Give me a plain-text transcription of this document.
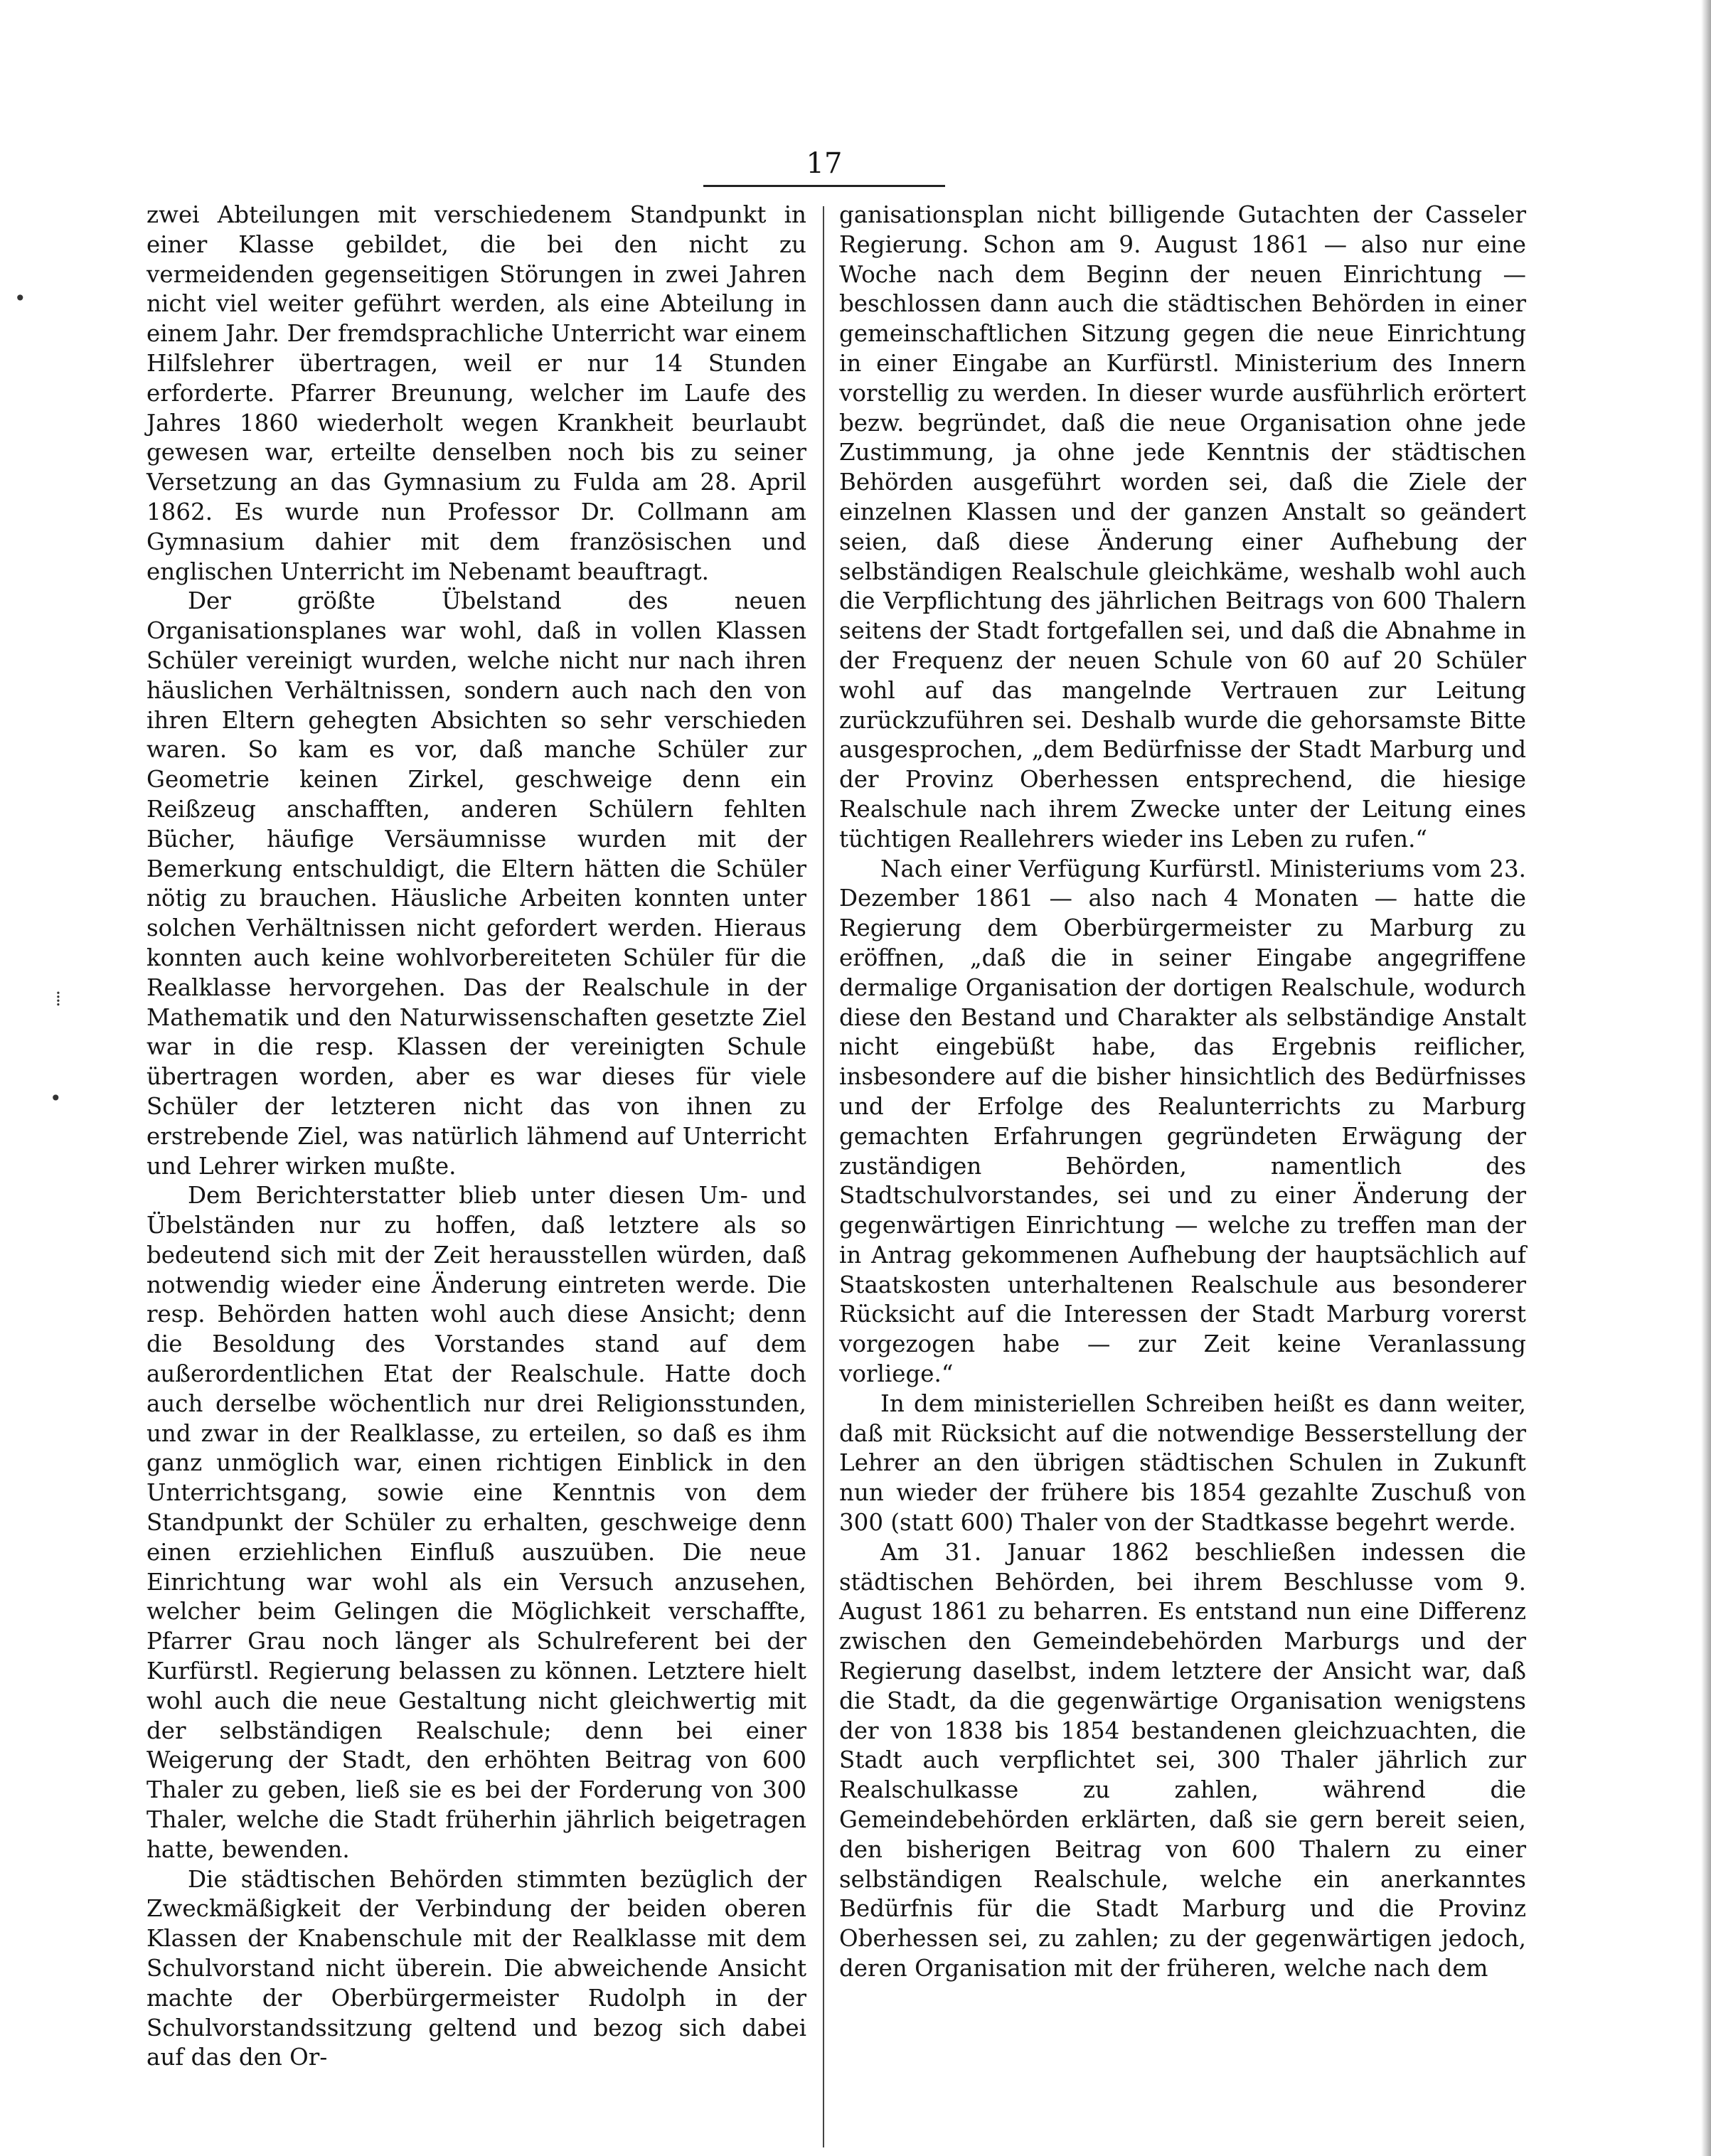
17
•
⁞
•

zwei Abteilungen mit verschiedenem Standpunkt in einer Klasse gebildet, die bei den nicht zu vermeidenden gegenseitigen Störungen in zwei Jahren nicht viel weiter geführt werden, als eine Abteilung in einem Jahr. Der fremdsprachliche Unterricht war einem Hilfslehrer übertragen, weil er nur 14 Stunden erforderte. Pfarrer Breunung, welcher im Laufe des Jahres 1860 wiederholt wegen Krankheit beurlaubt gewesen war, erteilte denselben noch bis zu seiner Versetzung an das Gymnasium zu Fulda am 28. April 1862. Es wurde nun Professor Dr. Collmann am Gymnasium dahier mit dem französischen und englischen Unterricht im Nebenamt beauftragt.

Der größte Übelstand des neuen Organisationsplanes war wohl, daß in vollen Klassen Schüler vereinigt wurden, welche nicht nur nach ihren häuslichen Verhältnissen, sondern auch nach den von ihren Eltern gehegten Absichten so sehr verschieden waren. So kam es vor, daß manche Schüler zur Geometrie keinen Zirkel, geschweige denn ein Reißzeug anschafften, anderen Schülern fehlten Bücher, häufige Versäumnisse wurden mit der Bemerkung entschuldigt, die Eltern hätten die Schüler nötig zu brauchen. Häusliche Arbeiten konnten unter solchen Verhältnissen nicht gefordert werden. Hieraus konnten auch keine wohlvorbereiteten Schüler für die Realklasse hervorgehen. Das der Realschule in der Mathematik und den Naturwissenschaften gesetzte Ziel war in die resp. Klassen der vereinigten Schule übertragen worden, aber es war dieses für viele Schüler der letzteren nicht das von ihnen zu erstrebende Ziel, was natürlich lähmend auf Unterricht und Lehrer wirken mußte.

Dem Berichterstatter blieb unter diesen Um- und Übelständen nur zu hoffen, daß letztere als so bedeutend sich mit der Zeit herausstellen würden, daß notwendig wieder eine Änderung eintreten werde. Die resp. Behörden hatten wohl auch diese Ansicht; denn die Besoldung des Vorstandes stand auf dem außerordentlichen Etat der Realschule. Hatte doch auch derselbe wöchentlich nur drei Religionsstunden, und zwar in der Realklasse, zu erteilen, so daß es ihm ganz unmöglich war, einen richtigen Einblick in den Unterrichtsgang, sowie eine Kenntnis von dem Standpunkt der Schüler zu erhalten, geschweige denn einen erziehlichen Einfluß auszuüben. Die neue Einrichtung war wohl als ein Versuch anzusehen, welcher beim Gelingen die Möglichkeit verschaffte, Pfarrer Grau noch länger als Schulreferent bei der Kurfürstl. Regierung belassen zu können. Letztere hielt wohl auch die neue Gestaltung nicht gleichwertig mit der selbständigen Realschule; denn bei einer Weigerung der Stadt, den erhöhten Beitrag von 600 Thaler zu geben, ließ sie es bei der Forderung von 300 Thaler, welche die Stadt früherhin jährlich beigetragen hatte, bewenden.

Die städtischen Behörden stimmten bezüglich der Zweckmäßigkeit der Verbindung der beiden oberen Klassen der Knabenschule mit der Realklasse mit dem Schulvorstand nicht überein. Die abweichende Ansicht machte der Oberbürgermeister Rudolph in der Schulvorstandssitzung geltend und bezog sich dabei auf das den Or-

ganisationsplan nicht billigende Gutachten der Casseler Regierung. Schon am 9. August 1861 — also nur eine Woche nach dem Beginn der neuen Einrichtung — beschlossen dann auch die städtischen Behörden in einer gemeinschaftlichen Sitzung gegen die neue Einrichtung in einer Eingabe an Kurfürstl. Ministerium des Innern vorstellig zu werden. In dieser wurde ausführlich erörtert bezw. begründet, daß die neue Organisation ohne jede Zustimmung, ja ohne jede Kenntnis der städtischen Behörden ausgeführt worden sei, daß die Ziele der einzelnen Klassen und der ganzen Anstalt so geändert seien, daß diese Änderung einer Aufhebung der selbständigen Realschule gleichkäme, weshalb wohl auch die Verpflichtung des jährlichen Beitrags von 600 Thalern seitens der Stadt fortgefallen sei, und daß die Abnahme in der Frequenz der neuen Schule von 60 auf 20 Schüler wohl auf das mangelnde Vertrauen zur Leitung zurückzuführen sei. Deshalb wurde die gehorsamste Bitte ausgesprochen, „dem Bedürfnisse der Stadt Marburg und der Provinz Oberhessen entsprechend, die hiesige Realschule nach ihrem Zwecke unter der Leitung eines tüchtigen Reallehrers wieder ins Leben zu rufen.“

Nach einer Verfügung Kurfürstl. Ministeriums vom 23. Dezember 1861 — also nach 4 Monaten — hatte die Regierung dem Oberbürgermeister zu Marburg zu eröffnen, „daß die in seiner Eingabe angegriffene dermalige Organisation der dortigen Realschule, wodurch diese den Bestand und Charakter als selbständige Anstalt nicht eingebüßt habe, das Ergebnis reiflicher, insbesondere auf die bisher hinsichtlich des Bedürfnisses und der Erfolge des Realunterrichts zu Marburg gemachten Erfahrungen gegründeten Erwägung der zuständigen Behörden, namentlich des Stadtschulvorstandes, sei und zu einer Änderung der gegenwärtigen Einrichtung — welche zu treffen man der in Antrag gekommenen Aufhebung der hauptsächlich auf Staatskosten unterhaltenen Realschule aus besonderer Rücksicht auf die Interessen der Stadt Marburg vorerst vorgezogen habe — zur Zeit keine Veranlassung vorliege.“

In dem ministeriellen Schreiben heißt es dann weiter, daß mit Rücksicht auf die notwendige Besserstellung der Lehrer an den übrigen städtischen Schulen in Zukunft nun wieder der frühere bis 1854 gezahlte Zuschuß von 300 (statt 600) Thaler von der Stadtkasse begehrt werde.

Am 31. Januar 1862 beschließen indessen die städtischen Behörden, bei ihrem Beschlusse vom 9. August 1861 zu beharren. Es entstand nun eine Differenz zwischen den Gemeindebehörden Marburgs und der Regierung daselbst, indem letztere der Ansicht war, daß die Stadt, da die gegenwärtige Organisation wenigstens der von 1838 bis 1854 bestandenen gleichzuachten, die Stadt auch verpflichtet sei, 300 Thaler jährlich zur Realschulkasse zu zahlen, während die Gemeindebehörden erklärten, daß sie gern bereit seien, den bisherigen Beitrag von 600 Thalern zu einer selbständigen Realschule, welche ein anerkanntes Bedürfnis für die Stadt Marburg und die Provinz Oberhessen sei, zu zahlen; zu der gegenwärtigen jedoch, deren Organisation mit der früheren, welche nach dem
